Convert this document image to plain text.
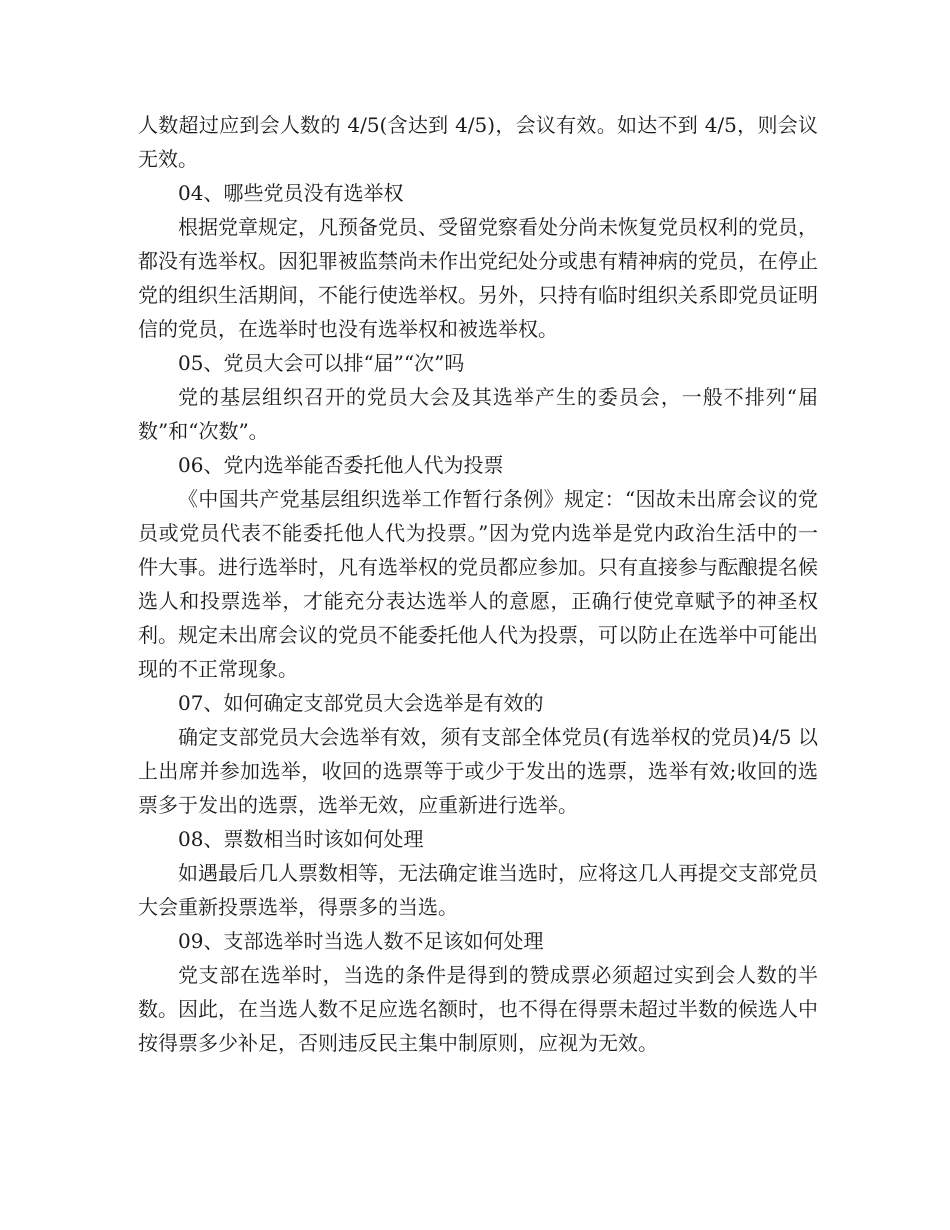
人数超过应到会人数的 4/5(含达到 4/5)，会议有效。如达不到 4/5，则会议无效。

04、哪些党员没有选举权

根据党章规定，凡预备党员、受留党察看处分尚未恢复党员权利的党员，都没有选举权。因犯罪被监禁尚未作出党纪处分或患有精神病的党员，在停止党的组织生活期间，不能行使选举权。另外，只持有临时组织关系即党员证明信的党员，在选举时也没有选举权和被选举权。

05、党员大会可以排“届”“次”吗

党的基层组织召开的党员大会及其选举产生的委员会，一般不排列“届数”和“次数”。

06、党内选举能否委托他人代为投票

《中国共产党基层组织选举工作暂行条例》规定：“因故未出席会议的党员或党员代表不能委托他人代为投票。”因为党内选举是党内政治生活中的一件大事。进行选举时，凡有选举权的党员都应参加。只有直接参与酝酿提名候选人和投票选举，才能充分表达选举人的意愿，正确行使党章赋予的神圣权利。规定未出席会议的党员不能委托他人代为投票，可以防止在选举中可能出现的不正常现象。

07、如何确定支部党员大会选举是有效的

确定支部党员大会选举有效，须有支部全体党员(有选举权的党员)4/5 以上出席并参加选举，收回的选票等于或少于发出的选票，选举有效;收回的选票多于发出的选票，选举无效，应重新进行选举。

08、票数相当时该如何处理

如遇最后几人票数相等，无法确定谁当选时，应将这几人再提交支部党员大会重新投票选举，得票多的当选。

09、支部选举时当选人数不足该如何处理

党支部在选举时，当选的条件是得到的赞成票必须超过实到会人数的半数。因此，在当选人数不足应选名额时，也不得在得票未超过半数的候选人中按得票多少补足，否则违反民主集中制原则，应视为无效。
